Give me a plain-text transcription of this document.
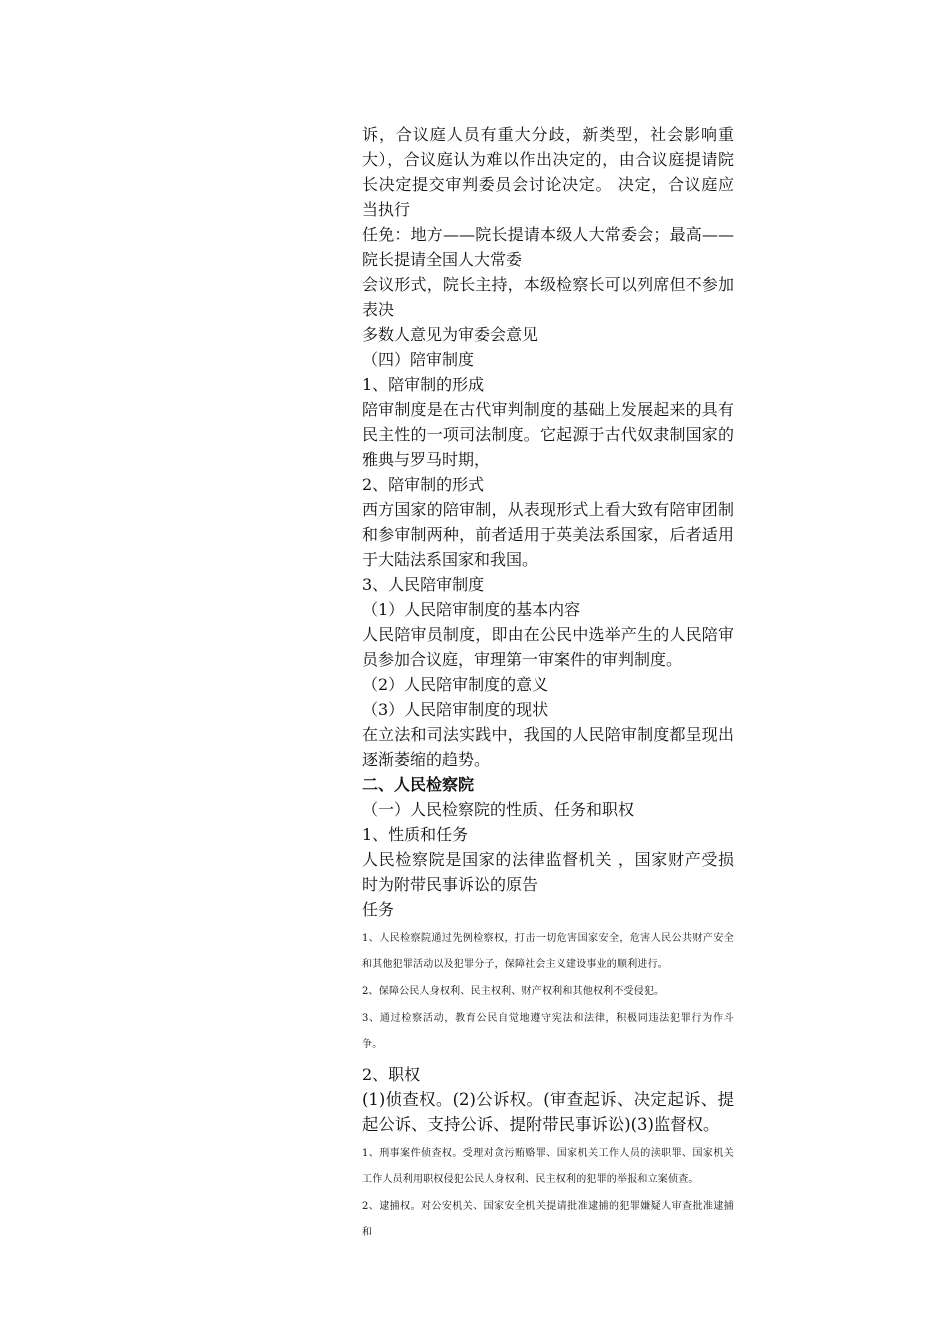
诉，合议庭人员有重大分歧，新类型，社会影响重大），合议庭认为难以作出决定的，由合议庭提请院长决定提交审判委员会讨论决定。 决定，合议庭应当执行

任免：地方——院长提请本级人大常委会；最高——院长提请全国人大常委

会议形式，院长主持，本级检察长可以列席但不参加表决

多数人意见为审委会意见

（四）陪审制度

1、陪审制的形成

陪审制度是在古代审判制度的基础上发展起来的具有民主性的一项司法制度。它起源于古代奴隶制国家的雅典与罗马时期，

2、陪审制的形式

西方国家的陪审制，从表现形式上看大致有陪审团制和参审制两种，前者适用于英美法系国家，后者适用于大陆法系国家和我国。

3、人民陪审制度

（1）人民陪审制度的基本内容

人民陪审员制度，即由在公民中选举产生的人民陪审员参加合议庭，审理第一审案件的审判制度。

（2）人民陪审制度的意义

（3）人民陪审制度的现状

在立法和司法实践中，我国的人民陪审制度都呈现出逐渐萎缩的趋势。

二、人民检察院

（一）人民检察院的性质、任务和职权

1、性质和任务

人民检察院是国家的法律监督机关 ，国家财产受损时为附带民事诉讼的原告

任务

1、人民检察院通过先例检察权，打击一切危害国家安全，危害人民公共财产安全和其他犯罪活动以及犯罪分子，保障社会主义建设事业的顺利进行。

2、保障公民人身权利、民主权利、财产权利和其他权利不受侵犯。

3、通过检察活动，教育公民自觉地遵守宪法和法律，积极同违法犯罪行为作斗争。

2、职权

(1)侦查权。(2)公诉权。(审查起诉、决定起诉、提起公诉、支持公诉、提附带民事诉讼)(3)监督权。

1、刑事案件侦查权。受理对贪污贿赂罪、国家机关工作人员的渎职罪、国家机关工作人员利用职权侵犯公民人身权利、民主权利的犯罪的举报和立案侦查。

2、逮捕权。对公安机关、国家安全机关提请批准逮捕的犯罪嫌疑人审查批准逮捕和
